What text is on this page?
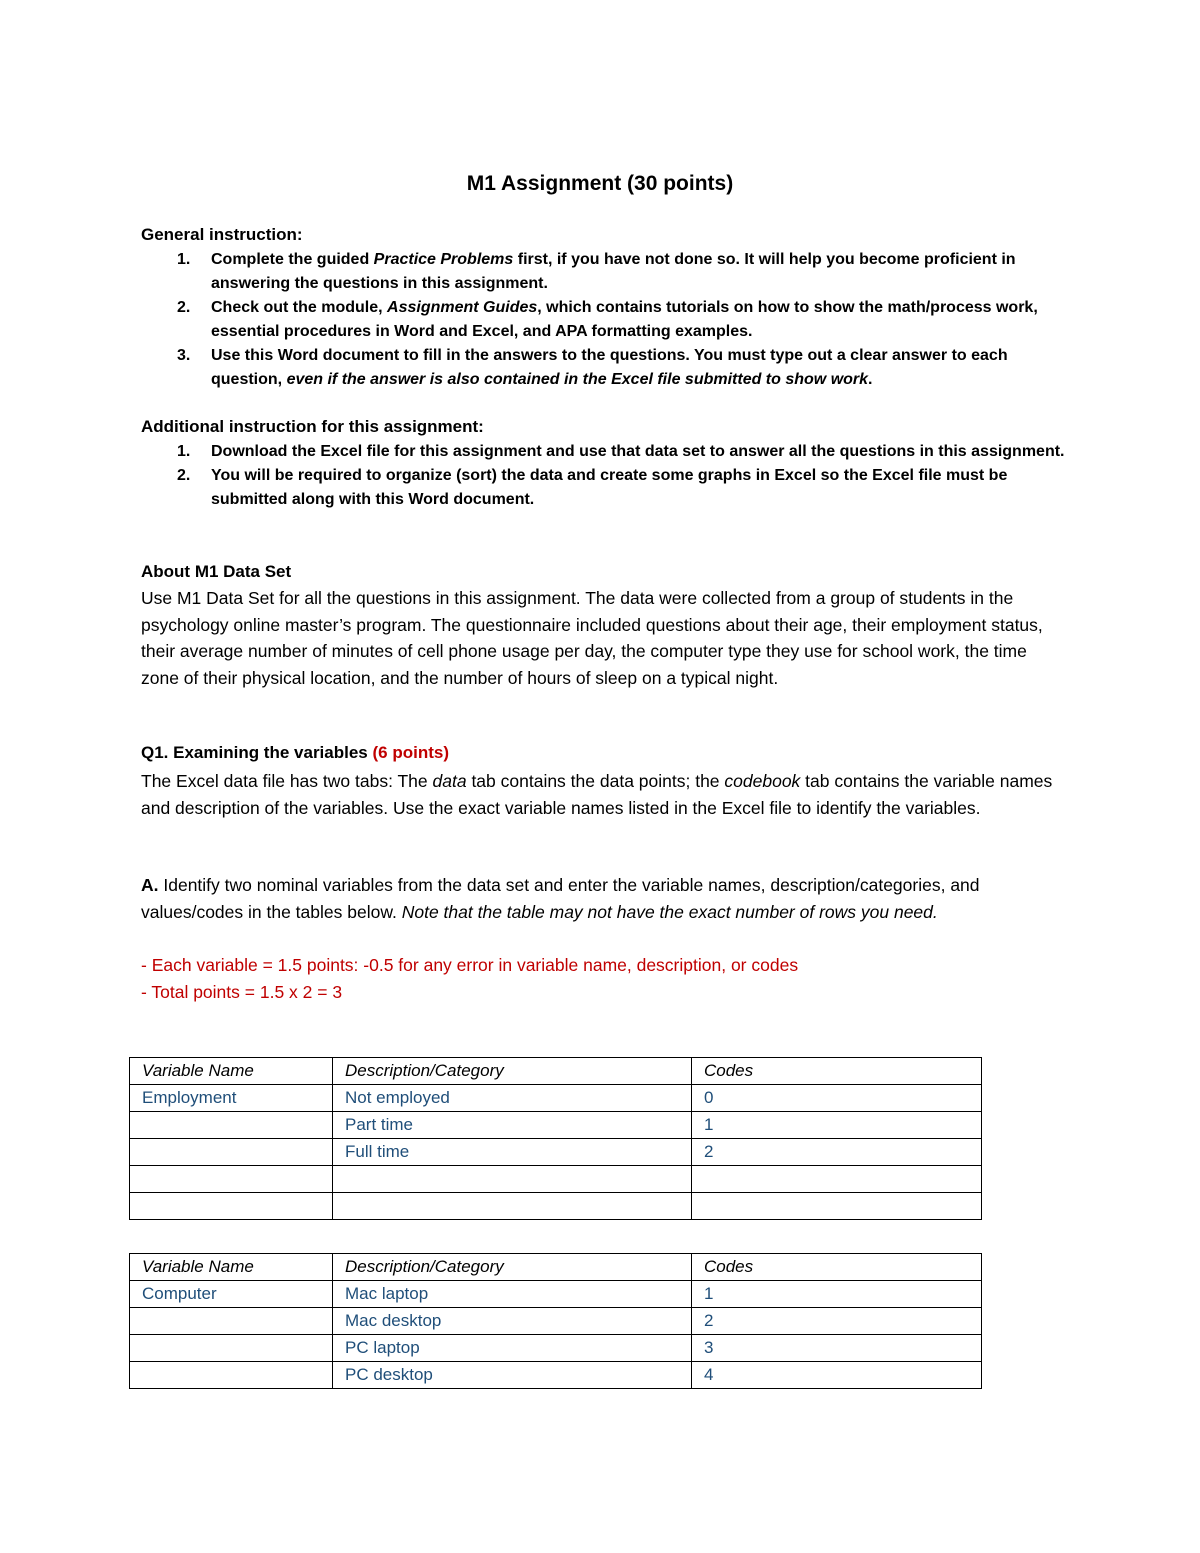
M1 Assignment (30 points)
General instruction:
1. Complete the guided Practice Problems first, if you have not done so. It will help you become proficient in answering the questions in this assignment.
2. Check out the module, Assignment Guides, which contains tutorials on how to show the math/process work, essential procedures in Word and Excel, and APA formatting examples.
3. Use this Word document to fill in the answers to the questions. You must type out a clear answer to each question, even if the answer is also contained in the Excel file submitted to show work.
Additional instruction for this assignment:
1. Download the Excel file for this assignment and use that data set to answer all the questions in this assignment.
2. You will be required to organize (sort) the data and create some graphs in Excel so the Excel file must be submitted along with this Word document.
About M1 Data Set

Use M1 Data Set for all the questions in this assignment. The data were collected from a group of students in the psychology online master’s program. The questionnaire included questions about their age, their employment status, their average number of minutes of cell phone usage per day, the computer type they use for school work, the time zone of their physical location, and the number of hours of sleep on a typical night.

Q1. Examining the variables (6 points)

The Excel data file has two tabs: The data tab contains the data points; the codebook tab contains the variable names and description of the variables. Use the exact variable names listed in the Excel file to identify the variables.

A. Identify two nominal variables from the data set and enter the variable names, description/categories, and values/codes in the tables below. Note that the table may not have the exact number of rows you need.

- Each variable = 1.5 points: -0.5 for any error in variable name, description, or codes

- Total points = 1.5 x 2 = 3

Variable Name	Description/Category	Codes
Employment	Not employed	0
	Part time	1
	Full time	2

Variable Name	Description/Category	Codes
Computer	Mac laptop	1
	Mac desktop	2
	PC laptop	3
	PC desktop	4
